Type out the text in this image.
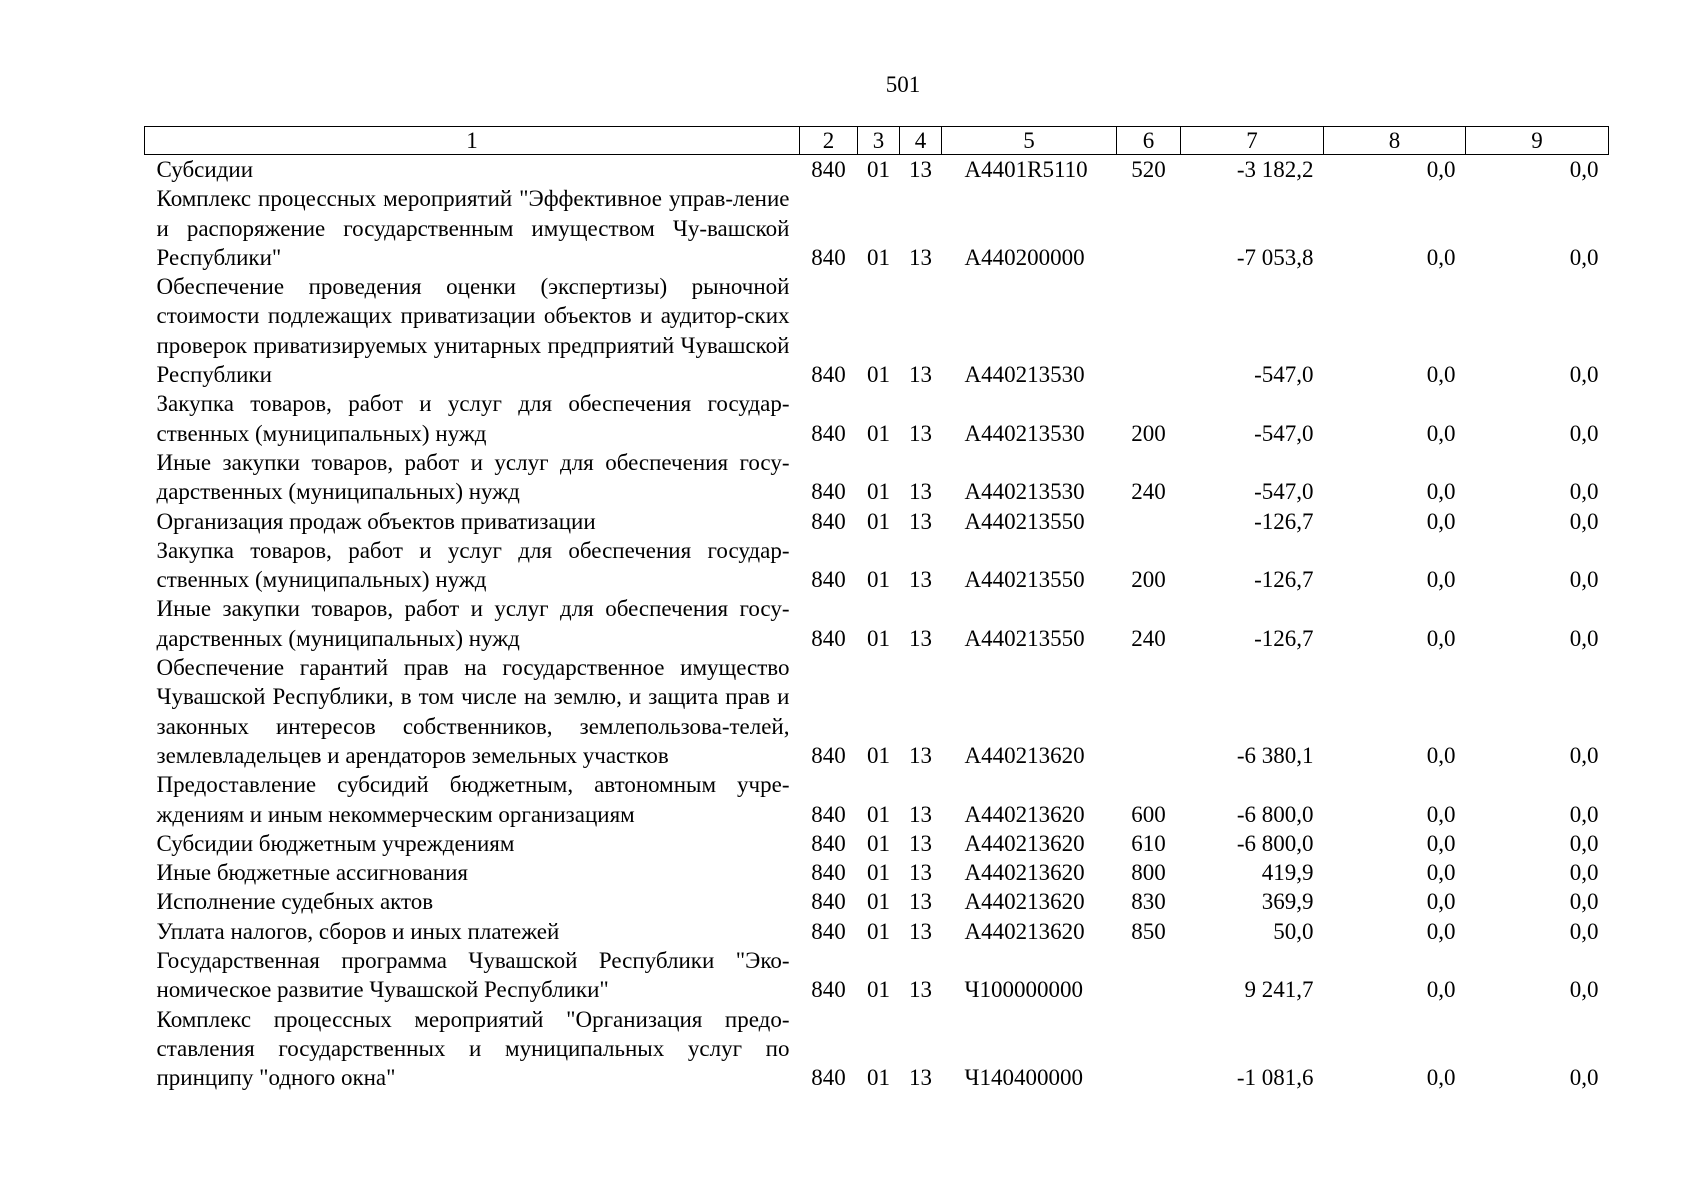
501
1	2	3	4	5	6	7	8	9
Субсидии	840	01	13	А4401R5110	520	-3 182,2	0,0	0,0
Комплекс процессных мероприятий "Эффективное управ-ление и распоряжение государственным имуществом Чу-вашской Республики"	840	01	13	А440200000		-7 053,8	0,0	0,0
Обеспечение проведения оценки (экспертизы) рыночной стоимости подлежащих приватизации объектов и аудитор-ских проверок приватизируемых унитарных предприятий Чувашской Республики	840	01	13	А440213530		-547,0	0,0	0,0
Закупка товаров, работ и услуг для обеспечения государ-ственных (муниципальных) нужд	840	01	13	А440213530	200	-547,0	0,0	0,0
Иные закупки товаров, работ и услуг для обеспечения госу-дарственных (муниципальных) нужд	840	01	13	А440213530	240	-547,0	0,0	0,0
Организация продаж объектов приватизации	840	01	13	А440213550		-126,7	0,0	0,0
Закупка товаров, работ и услуг для обеспечения государ-ственных (муниципальных) нужд	840	01	13	А440213550	200	-126,7	0,0	0,0
Иные закупки товаров, работ и услуг для обеспечения госу-дарственных (муниципальных) нужд	840	01	13	А440213550	240	-126,7	0,0	0,0
Обеспечение гарантий прав на государственное имущество Чувашской Республики, в том числе на землю, и защита прав и законных интересов собственников, землепользова-телей, землевладельцев и арендаторов земельных участков	840	01	13	А440213620		-6 380,1	0,0	0,0
Предоставление субсидий бюджетным, автономным учре-ждениям и иным некоммерческим организациям	840	01	13	А440213620	600	-6 800,0	0,0	0,0
Субсидии бюджетным учреждениям	840	01	13	А440213620	610	-6 800,0	0,0	0,0
Иные бюджетные ассигнования	840	01	13	А440213620	800	419,9	0,0	0,0
Исполнение судебных актов	840	01	13	А440213620	830	369,9	0,0	0,0
Уплата налогов, сборов и иных платежей	840	01	13	А440213620	850	50,0	0,0	0,0
Государственная программа Чувашской Республики "Эко-номическое развитие Чувашской Республики"	840	01	13	Ч100000000		9 241,7	0,0	0,0
Комплекс процессных мероприятий "Организация предо-ставления государственных и муниципальных услуг по принципу "одного окна"	840	01	13	Ч140400000		-1 081,6	0,0	0,0
